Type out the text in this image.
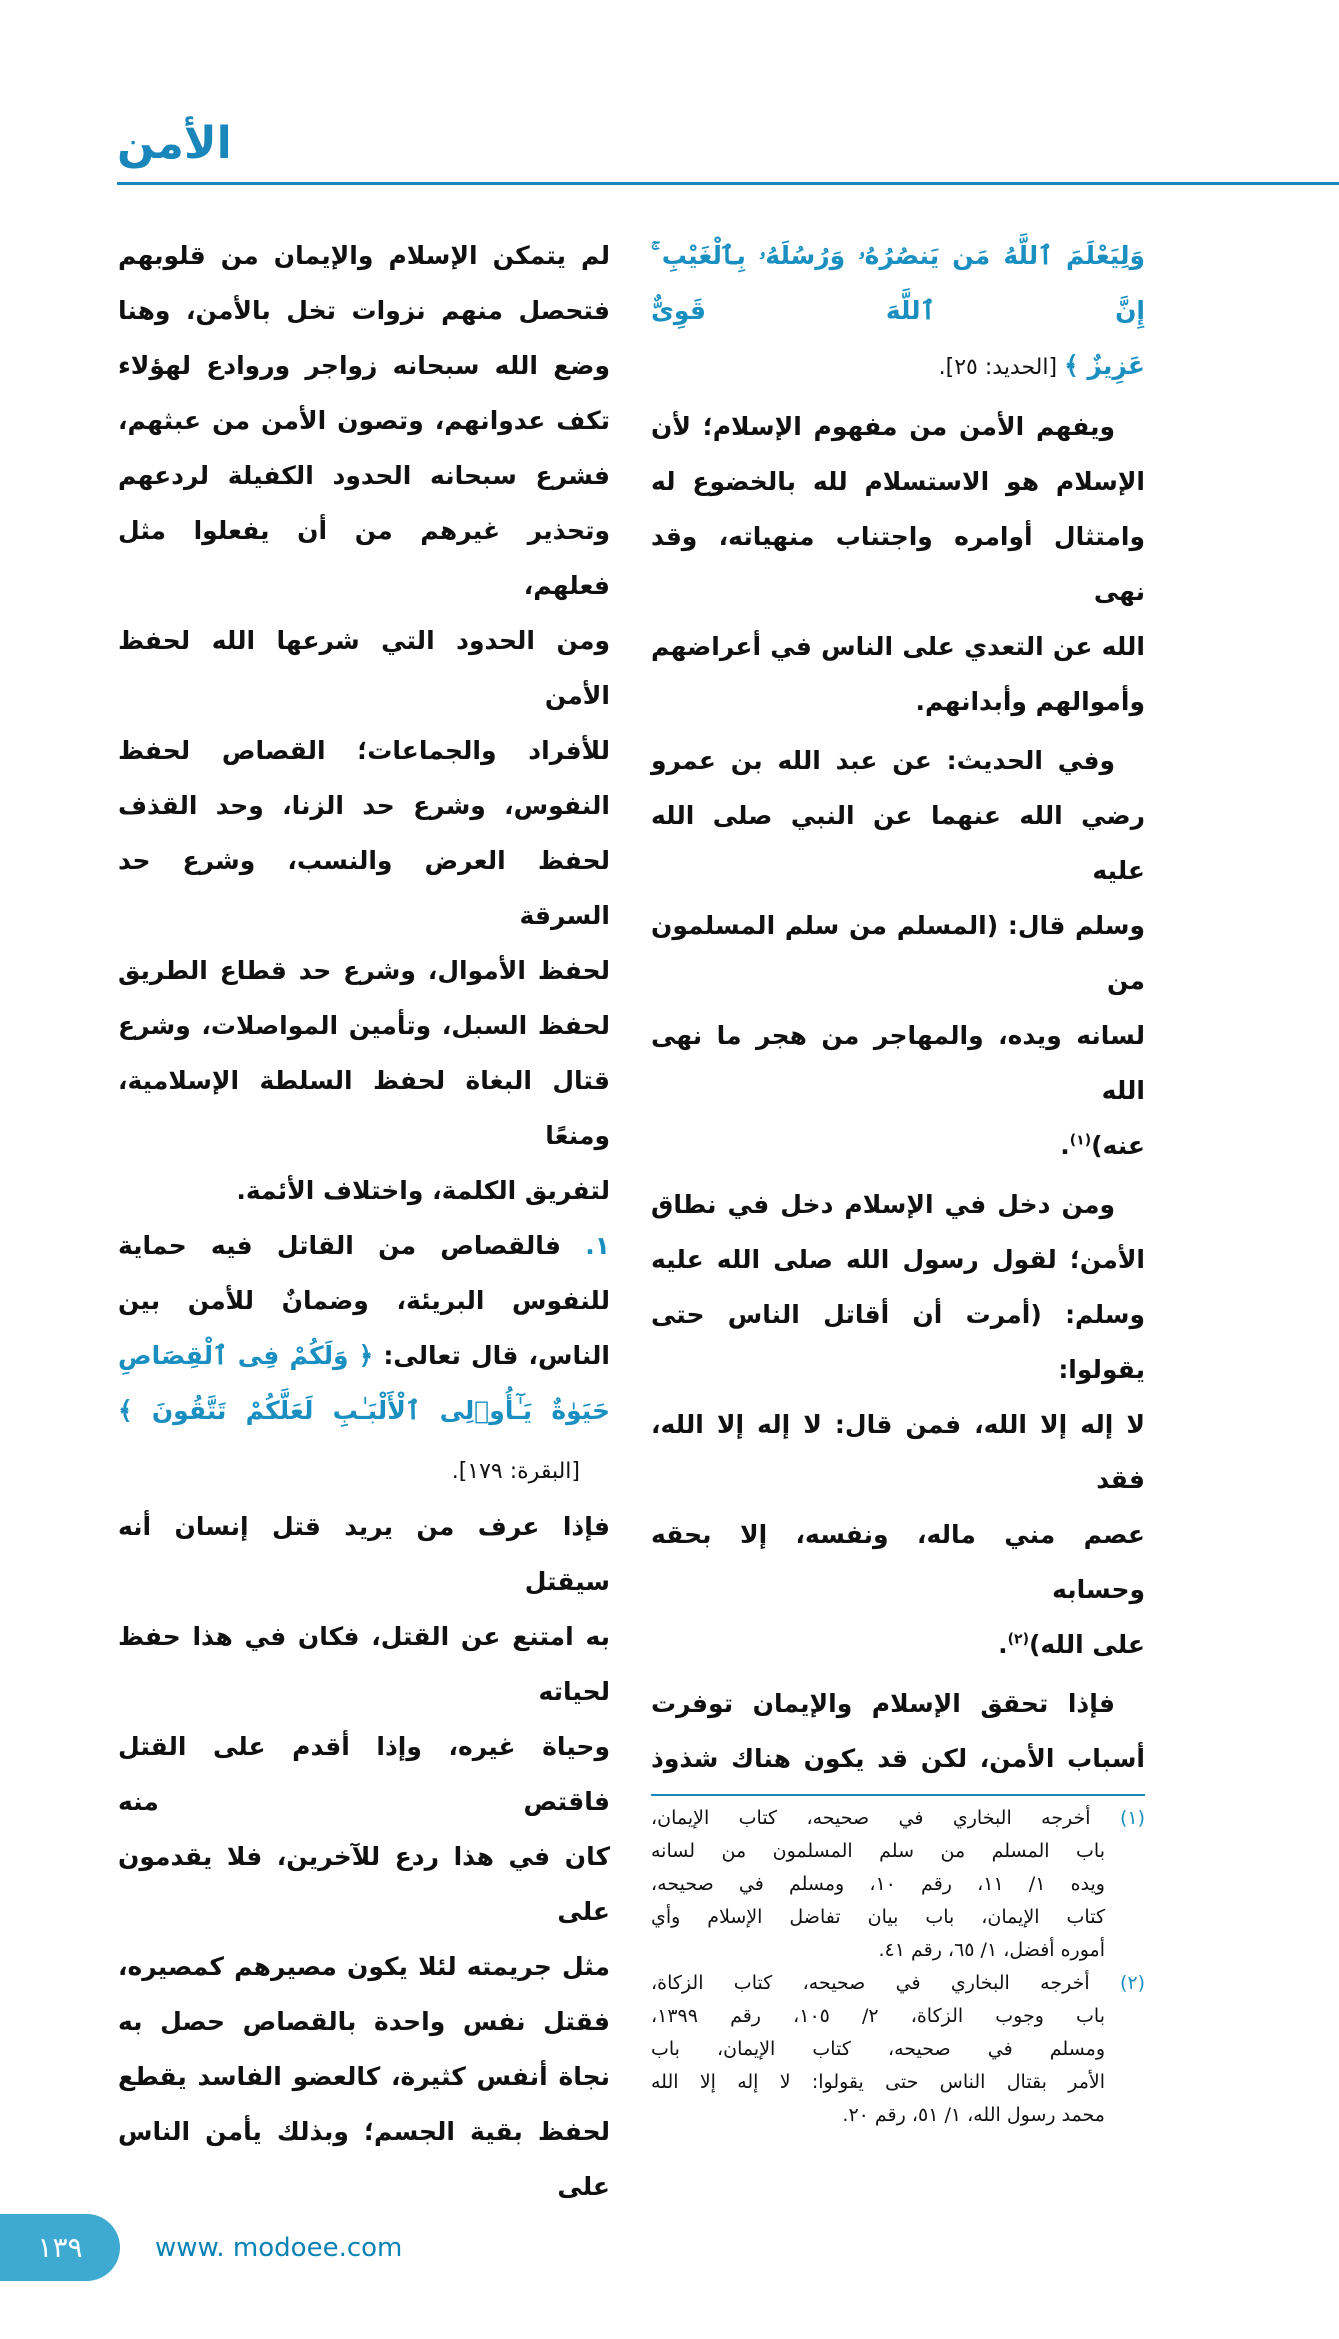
الأمن
لم يتمكن الإسلام والإيمان من قلوبهم
فتحصل منهم نزوات تخل بالأمن، وهنا
وضع الله سبحانه زواجر وروادع لهؤلاء
تكف عدوانهم، وتصون الأمن من عبثهم،
فشرع سبحانه الحدود الكفيلة لردعهم
وتحذير غيرهم من أن يفعلوا مثل فعلهم،
ومن الحدود التي شرعها الله لحفظ الأمن
للأفراد والجماعات؛ القصاص لحفظ
النفوس، وشرع حد الزنا، وحد القذف
لحفظ العرض والنسب، وشرع حد السرقة
لحفظ الأموال، وشرع حد قطاع الطريق
لحفظ السبل، وتأمين المواصلات، وشرع
قتال البغاة لحفظ السلطة الإسلامية، ومنعًا
لتفريق الكلمة، واختلاف الأئمة.
١. فالقصاص من القاتل فيه حماية
للنفوس البريئة، وضمانٌ للأمن بين
الناس، قال تعالى: ﴿ وَلَكُمْ فِى ٱلْقِصَاصِ
حَيَوٰةٌ يَـٰٓأُو۟لِى ٱلْأَلْبَـٰبِ لَعَلَّكُمْ تَتَّقُونَ ﴾
[البقرة: ١٧٩].
فإذا عرف من يريد قتل إنسان أنه سيقتل
به امتنع عن القتل، فكان في هذا حفظ لحياته
وحياة غيره، وإذا أقدم على القتل فاقتص منه
كان في هذا ردع للآخرين، فلا يقدمون على
مثل جريمته لئلا يكون مصيرهم كمصيره،
فقتل نفس واحدة بالقصاص حصل به
نجاة أنفس كثيرة، كالعضو الفاسد يقطع
لحفظ بقية الجسم؛ وبذلك يأمن الناس على
وَلِيَعْلَمَ ٱللَّهُ مَن يَنصُرُهُۥ وَرُسُلَهُۥ بِٱلْغَيْبِ ۚ إِنَّ ٱللَّهَ قَوِىٌّ
عَزِيزٌ ﴾ [الحديد: ٢٥].
ويفهم الأمن من مفهوم الإسلام؛ لأن
الإسلام هو الاستسلام لله بالخضوع له
وامتثال أوامره واجتناب منهياته، وقد نهى
الله عن التعدي على الناس في أعراضهم
وأموالهم وأبدانهم.
وفي الحديث: عن عبد الله بن عمرو
رضي الله عنهما عن النبي صلى الله عليه
وسلم قال: (المسلم من سلم المسلمون من
لسانه ويده، والمهاجر من هجر ما نهى الله
عنه)$^{(١)}$.
ومن دخل في الإسلام دخل في نطاق
الأمن؛ لقول رسول الله صلى الله عليه
وسلم: (أمرت أن أقاتل الناس حتى يقولوا:
لا إله إلا الله، فمن قال: لا إله إلا الله، فقد
عصم مني ماله، ونفسه، إلا بحقه وحسابه
على الله)$^{(٢)}$.
فإذا تحقق الإسلام والإيمان توفرت
أسباب الأمن، لكن قد يكون هناك شذوذ
(١) أخرجه البخاري في صحيحه، كتاب الإيمان،
باب المسلم من سلم المسلمون من لسانه
ويده ١/ ١١، رقم ١٠، ومسلم في صحيحه،
كتاب الإيمان، باب بيان تفاضل الإسلام وأي
أموره أفضل، ١/ ٦٥، رقم ٤١.
(٢) أخرجه البخاري في صحيحه، كتاب الزكاة،
باب وجوب الزكاة، ٢/ ١٠٥، رقم ١٣٩٩،
ومسلم في صحيحه، كتاب الإيمان، باب
الأمر بقتال الناس حتى يقولوا: لا إله إلا الله
محمد رسول الله، ١/ ٥١، رقم ٢٠.
١٣٩	www. modoee.com
